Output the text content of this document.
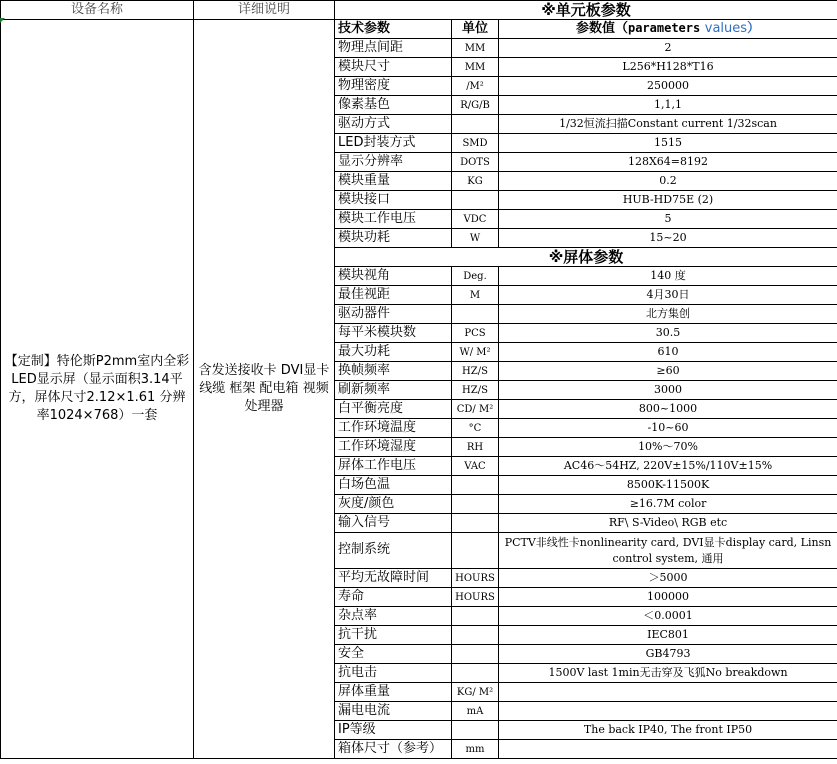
设备名称	详细说明	※单元板参数		
【定制】特伦斯P2mm室内全彩LED显示屏（显示面积3.14平方，屏体尺寸2.12×1.61 分辨率1024×768）一套	含发送接收卡 DVI显卡 线缆 框架 配电箱 视频处理器	技术参数	单位	参数值（parameters values）
		物理点间距	MM	2
		模块尺寸	MM	L256*H128*T16
		物理密度	/M²	250000
		像素基色	R/G/B	1,1,1
		驱动方式		1/32恒流扫描Constant current 1/32scan
		LED封装方式	SMD	1515
		显示分辨率	DOTS	128X64=8192
		模块重量	KG	0.2
		模块接口		HUB-HD75E (2)
		模块工作电压	VDC	5
		模块功耗	W	15~20
		※屏体参数		
		模块视角	Deg.	140 度
		最佳视距	M	4月30日
		驱动器件		北方集创
		每平米模块数	PCS	30.5
		最大功耗	W/ M²	610
		换帧频率	HZ/S	≥60
		刷新频率	HZ/S	3000
		白平衡亮度	CD/ M²	800~1000
		工作环境温度	°C	-10~60
		工作环境湿度	RH	10%～70%
		屏体工作电压	VAC	AC46～54HZ, 220V±15%/110V±15%
		白场色温		8500K-11500K
		灰度/颜色		≥16.7M color
		输入信号		RF\ S-Video\ RGB etc
		控制系统		PCTV非线性卡nonlinearity card, DVI显卡display card, Linsn control system, 通用
		平均无故障时间	HOURS	＞5000
		寿命	HOURS	100000
		杂点率		＜0.0001
		抗干扰		IEC801
		安全		GB4793
		抗电击		1500V last 1min无击穿及飞狐No breakdown
		屏体重量	KG/ M²	
		漏电电流	mA	
		IP等级		The back IP40, The front IP50
		箱体尺寸（参考）	mm	
